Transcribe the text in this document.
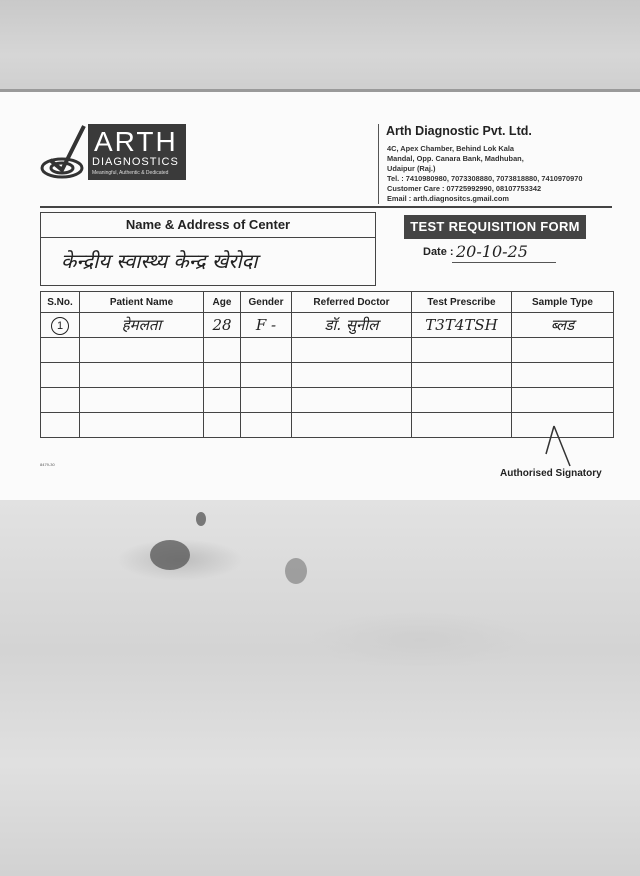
ARTH
DIAGNOSTICS
Meaningful, Authentic & Dedicated
Arth Diagnostic Pvt. Ltd.
4C, Apex Chamber, Behind Lok Kala
Mandal, Opp. Canara Bank, Madhuban,
Udaipur (Raj.)
Tel. : 7410980980, 7073308880, 7073818880, 7410970970
Customer Care : 07725992990, 08107753342
Email : arth.diagnositcs.gmail.com
Name & Address of Center
केन्द्रीय स्वास्थ्य केन्द्र खेरोदा
TEST REQUISITION FORM
Date : 20-10-25
S.No.	Patient Name	Age	Gender	Referred Doctor	Test Prescribe	Sample Type
1	हेमलता	28	F -	डॉ. सुनील	T3T4TSH	ब्लड

8479-30
Authorised Signatory
